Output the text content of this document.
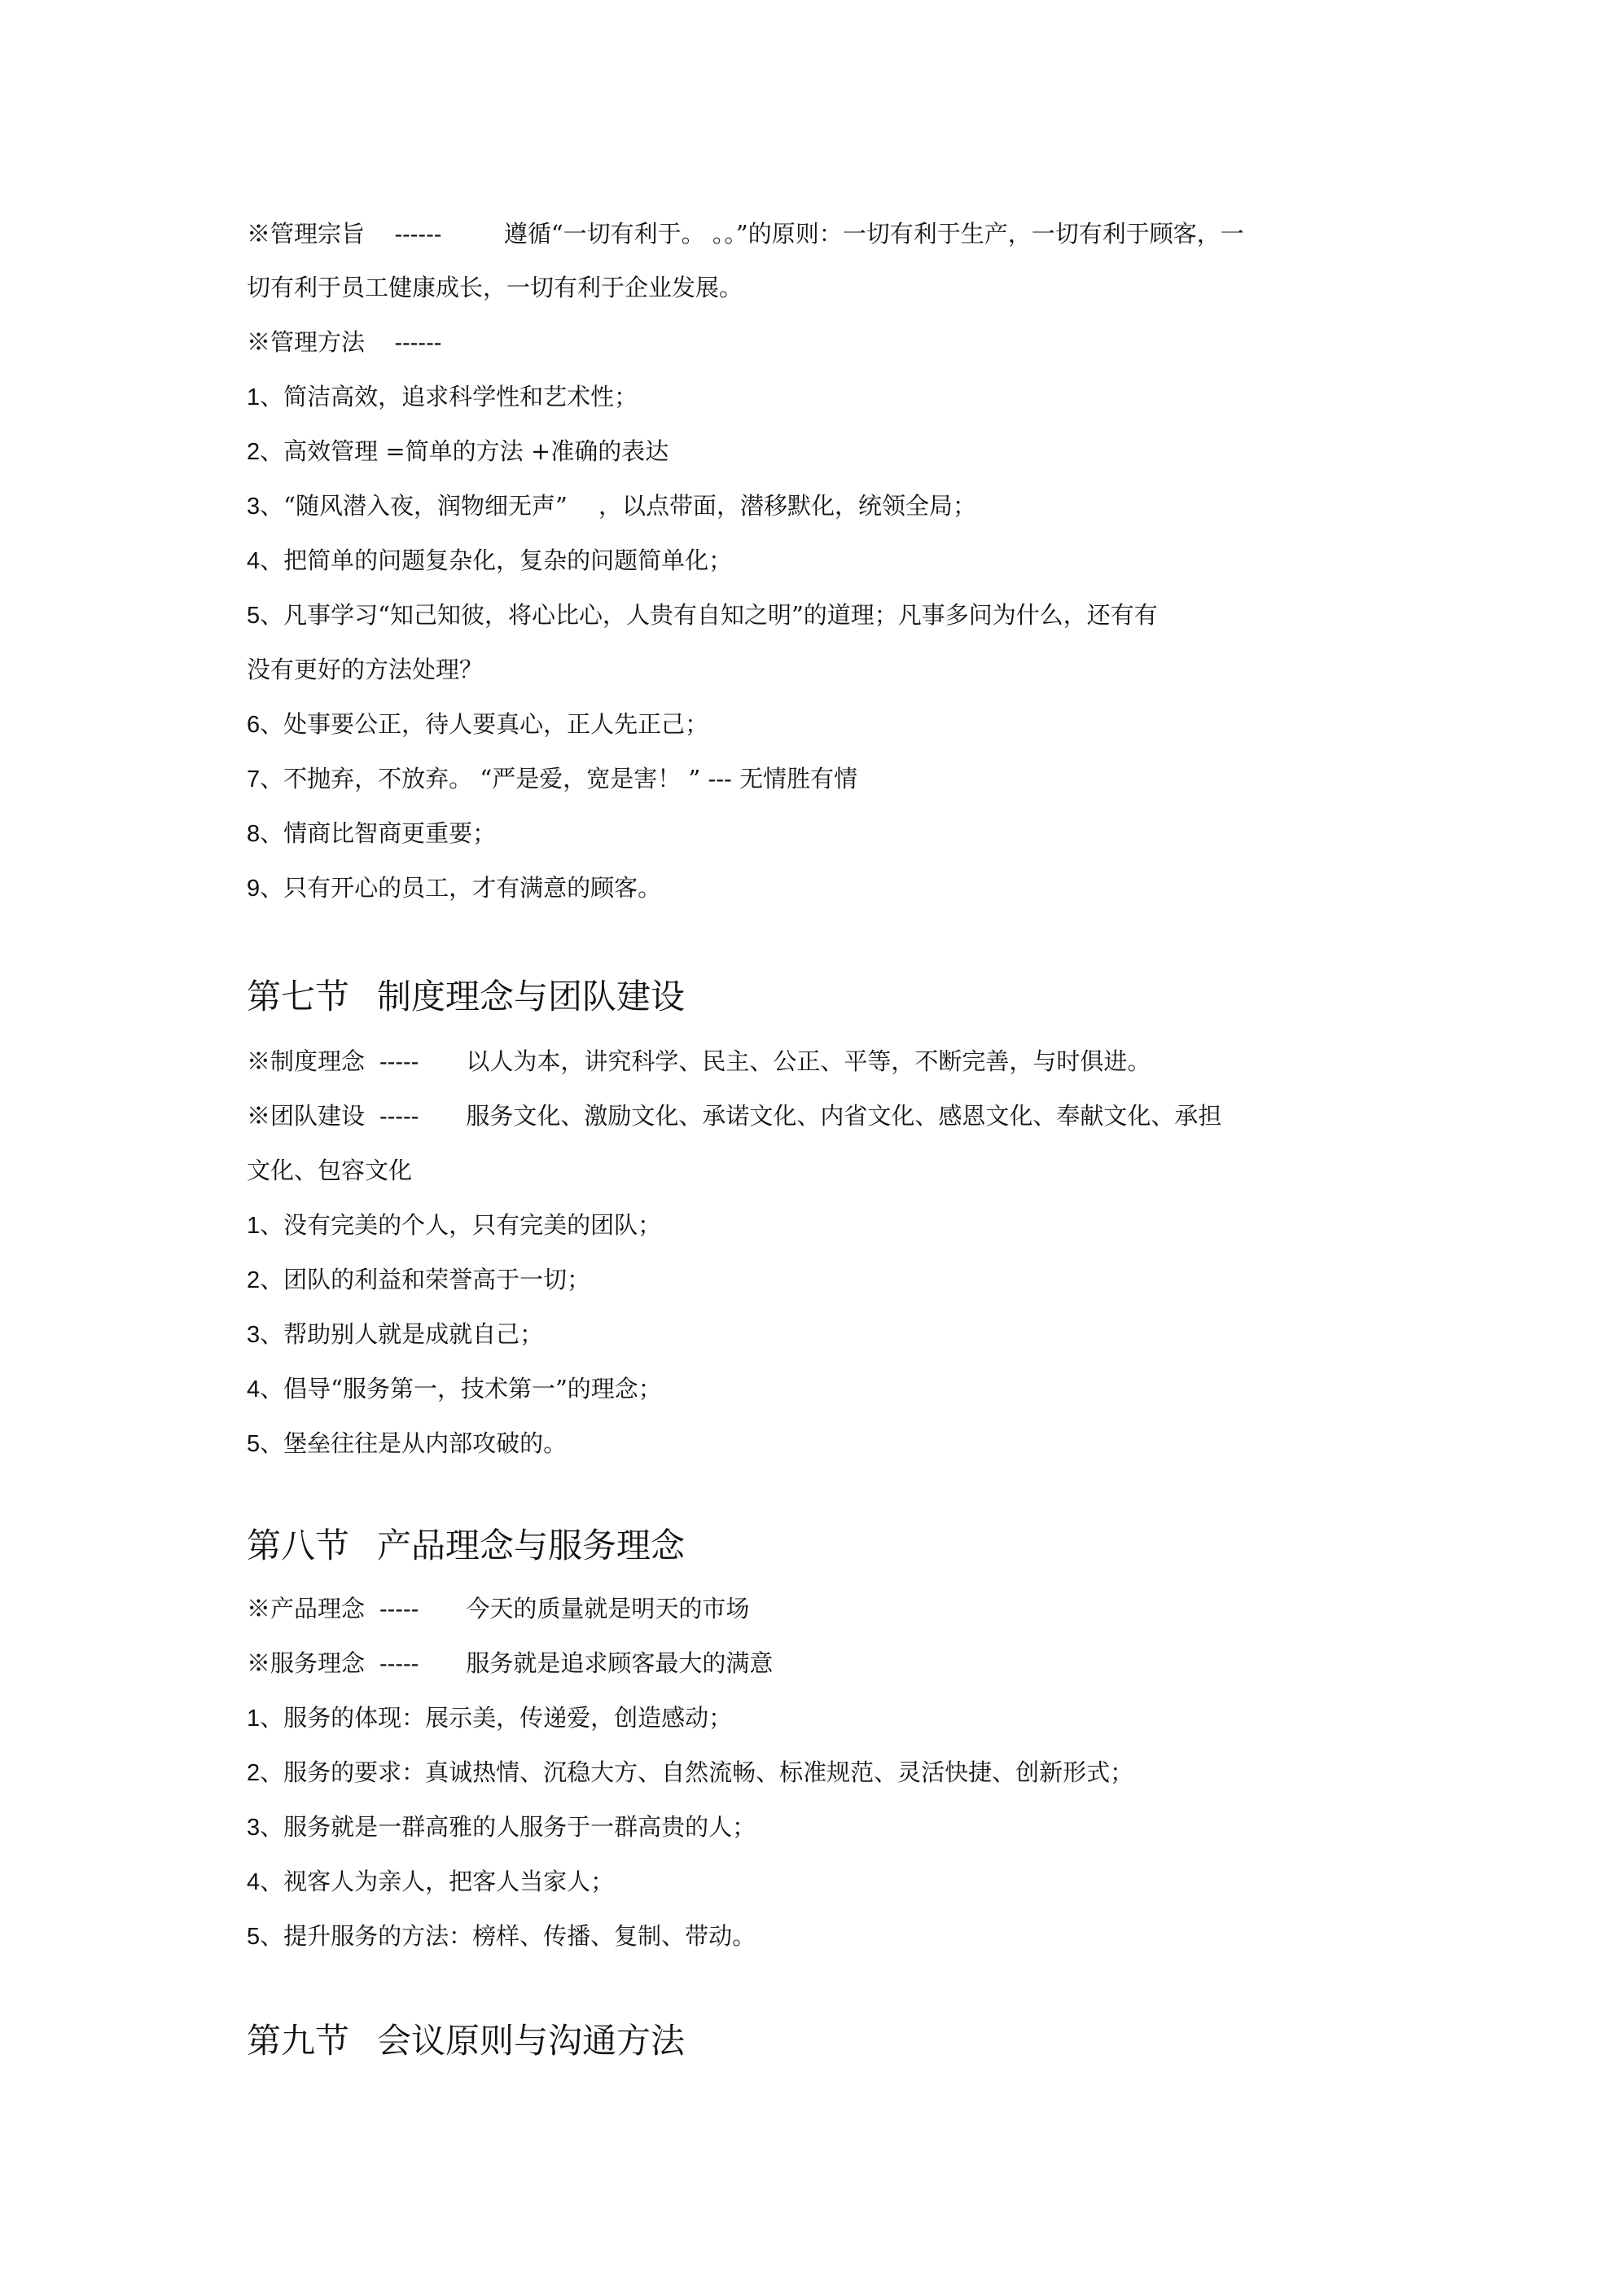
※管理宗旨 ------	遵循“一切有利于。 。。”的原则：一切有利于生产，一切有利于顾客，一
切有利于员工健康成长，一切有利于企业发展。
※管理方法 ------
1、简洁高效，追求科学性和艺术性；
2、高效管理 =简单的方法 +准确的表达
3、“随风潜入夜，润物细无声”　 ，以点带面，潜移默化，统领全局；
4、把简单的问题复杂化，复杂的问题简单化；
5、凡事学习“知己知彼，将心比心，人贵有自知之明”的道理；凡事多问为什么，还有有
没有更好的方法处理？
6、处事要公正，待人要真心，正人先正己；
7、不抛弃，不放弃。 “严是爱，宽是害！ ” --- 无情胜有情
8、情商比智商更重要；
9、只有开心的员工，才有满意的顾客。
第七节 制度理念与团队建设
※制度理念 ----- 以人为本，讲究科学、民主、公正、平等，不断完善，与时俱进。
※团队建设 ----- 服务文化、激励文化、承诺文化、内省文化、感恩文化、奉献文化、承担
文化、包容文化
1、没有完美的个人，只有完美的团队；
2、团队的利益和荣誉高于一切；
3、帮助别人就是成就自己；
4、倡导“服务第一，技术第一”的理念；
5、堡垒往往是从内部攻破的。
第八节 产品理念与服务理念
※产品理念 ----- 今天的质量就是明天的市场
※服务理念 ----- 服务就是追求顾客最大的满意
1、服务的体现：展示美，传递爱，创造感动；
2、服务的要求：真诚热情、沉稳大方、自然流畅、标准规范、灵活快捷、创新形式；
3、服务就是一群高雅的人服务于一群高贵的人；
4、视客人为亲人，把客人当家人；
5、提升服务的方法：榜样、传播、复制、带动。
第九节 会议原则与沟通方法
